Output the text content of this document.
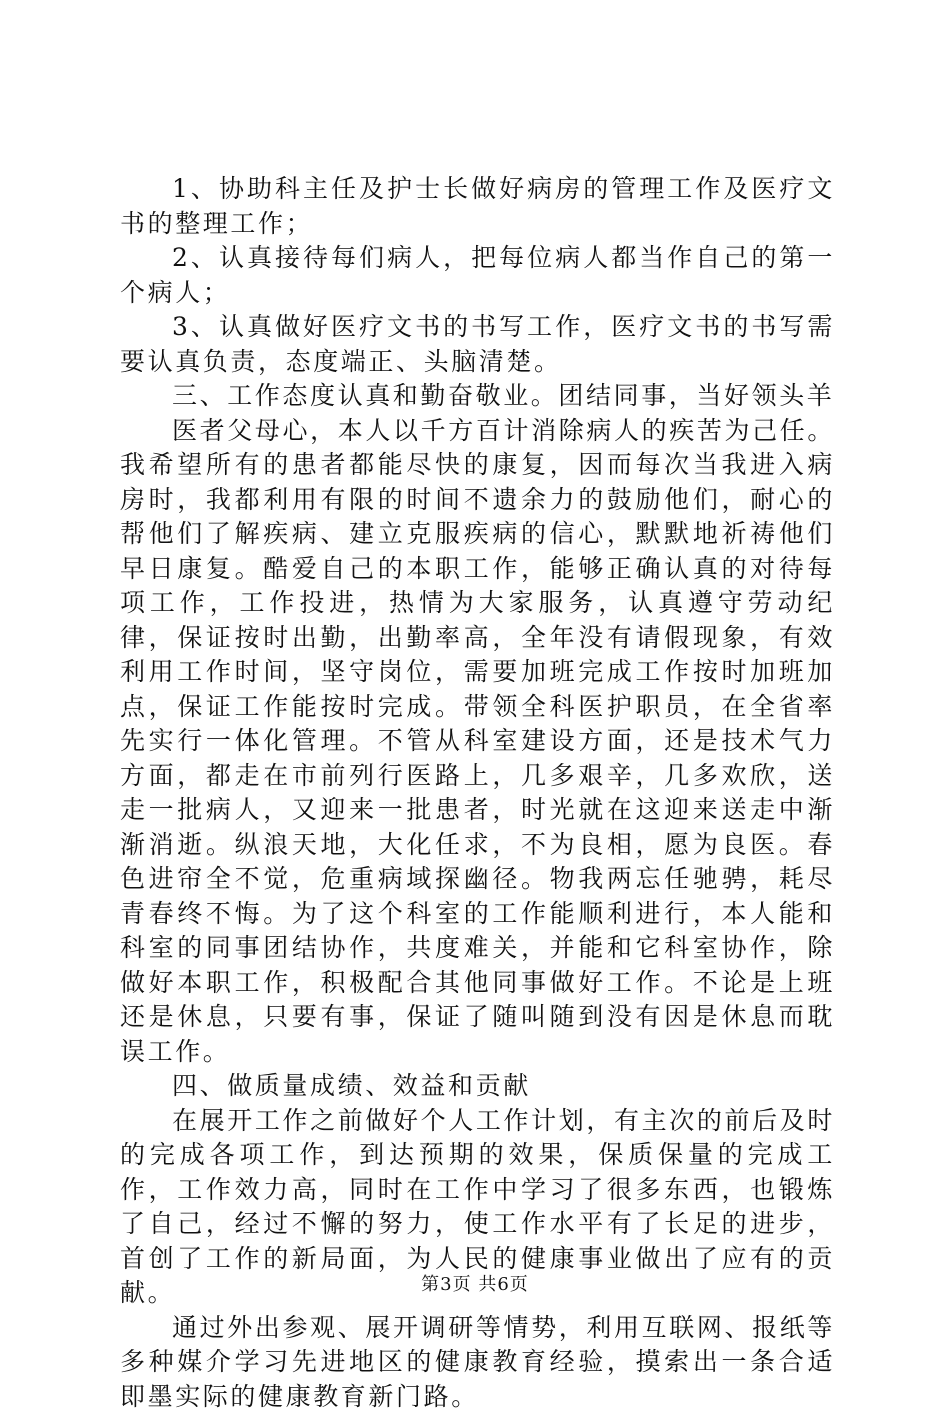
1、协助科主任及护士长做好病房的管理工作及医疗文书的整理工作；

2、认真接待每们病人，把每位病人都当作自己的第一个病人；

3、认真做好医疗文书的书写工作，医疗文书的书写需要认真负责，态度端正、头脑清楚。

三、工作态度认真和勤奋敬业。团结同事，当好领头羊

医者父母心，本人以千方百计消除病人的疾苦为己任。我希望所有的患者都能尽快的康复，因而每次当我进入病房时，我都利用有限的时间不遗余力的鼓励他们，耐心的帮他们了解疾病、建立克服疾病的信心，默默地祈祷他们早日康复。酷爱自己的本职工作，能够正确认真的对待每项工作，工作投进，热情为大家服务，认真遵守劳动纪律，保证按时出勤，出勤率高，全年没有请假现象，有效利用工作时间，坚守岗位，需要加班完成工作按时加班加点，保证工作能按时完成。带领全科医护职员，在全省率先实行一体化管理。不管从科室建设方面，还是技术气力方面，都走在市前列行医路上，几多艰辛，几多欢欣，送走一批病人，又迎来一批患者，时光就在这迎来送走中渐渐消逝。纵浪天地，大化任求，不为良相，愿为良医。春色进帘全不觉，危重病域探幽径。物我两忘任驰骋，耗尽青春终不悔。为了这个科室的工作能顺利进行，本人能和科室的同事团结协作，共度难关，并能和它科室协作，除做好本职工作，积极配合其他同事做好工作。不论是上班还是休息，只要有事，保证了随叫随到没有因是休息而耽误工作。

四、做质量成绩、效益和贡献

在展开工作之前做好个人工作计划，有主次的前后及时的完成各项工作，到达预期的效果，保质保量的完成工作，工作效力高，同时在工作中学习了很多东西，也锻炼了自己，经过不懈的努力，使工作水平有了长足的进步，首创了工作的新局面，为人民的健康事业做出了应有的贡献。

通过外出参观、展开调研等情势，利用互联网、报纸等多种媒介学习先进地区的健康教育经验，摸索出一条合适即墨实际的健康教育新门路。

第3页 共6页
